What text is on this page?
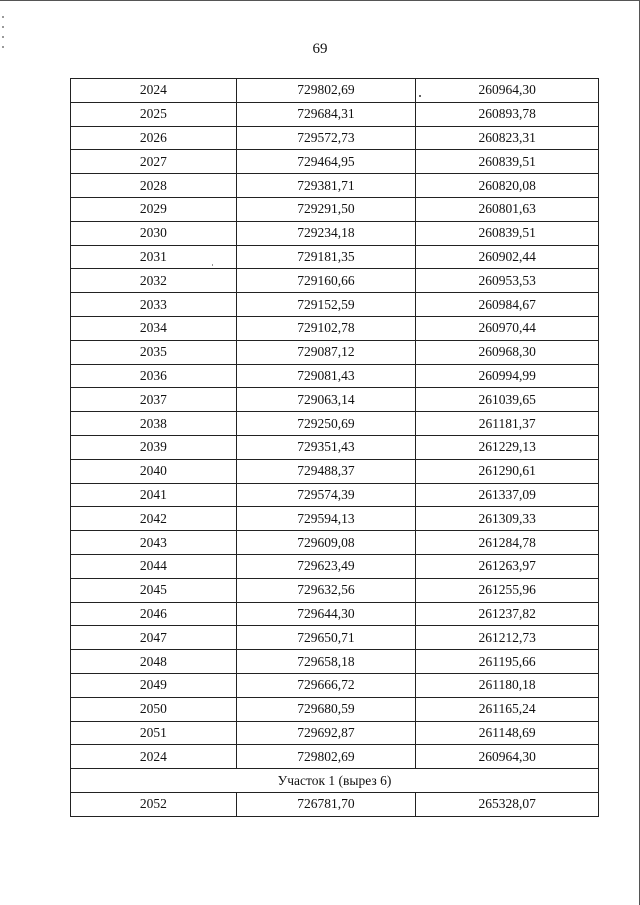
69
2024	729802,69	260964,30
2025	729684,31	260893,78
2026	729572,73	260823,31
2027	729464,95	260839,51
2028	729381,71	260820,08
2029	729291,50	260801,63
2030	729234,18	260839,51
2031	729181,35	260902,44
2032	729160,66	260953,53
2033	729152,59	260984,67
2034	729102,78	260970,44
2035	729087,12	260968,30
2036	729081,43	260994,99
2037	729063,14	261039,65
2038	729250,69	261181,37
2039	729351,43	261229,13
2040	729488,37	261290,61
2041	729574,39	261337,09
2042	729594,13	261309,33
2043	729609,08	261284,78
2044	729623,49	261263,97
2045	729632,56	261255,96
2046	729644,30	261237,82
2047	729650,71	261212,73
2048	729658,18	261195,66
2049	729666,72	261180,18
2050	729680,59	261165,24
2051	729692,87	261148,69
2024	729802,69	260964,30
Участок 1 (вырез 6)		
2052	726781,70	265328,07
